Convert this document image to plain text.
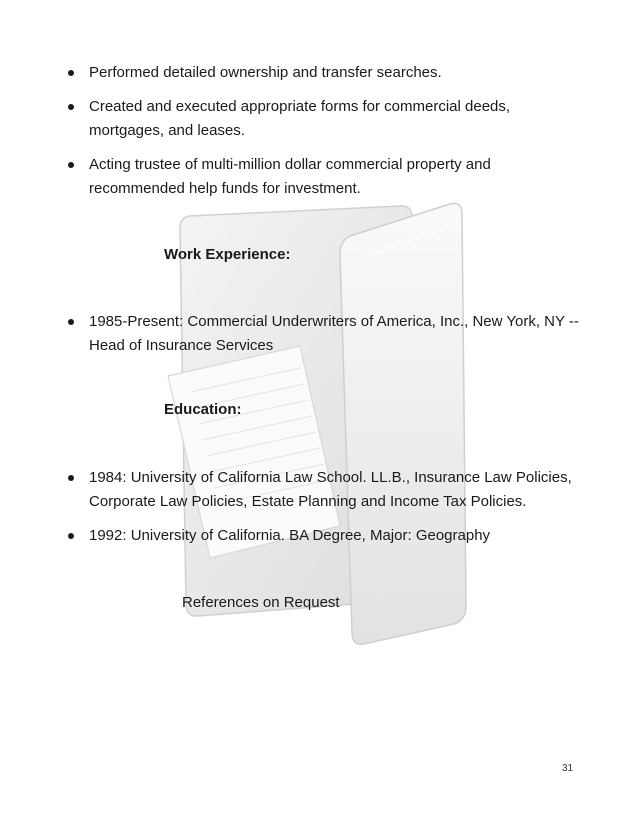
Performed detailed ownership and transfer searches.
Created and executed appropriate forms for commercial deeds, mortgages, and leases.
Acting trustee of multi-million dollar commercial property and recommended help funds for investment.
Work Experience:
1985-Present: Commercial Underwriters of America, Inc., New York, NY -- Head of Insurance Services
Education:
1984: University of California Law School. LL.B., Insurance Law Policies, Corporate Law Policies, Estate Planning and Income Tax Policies.
1992: University of California. BA Degree, Major: Geography
References on Request
31
